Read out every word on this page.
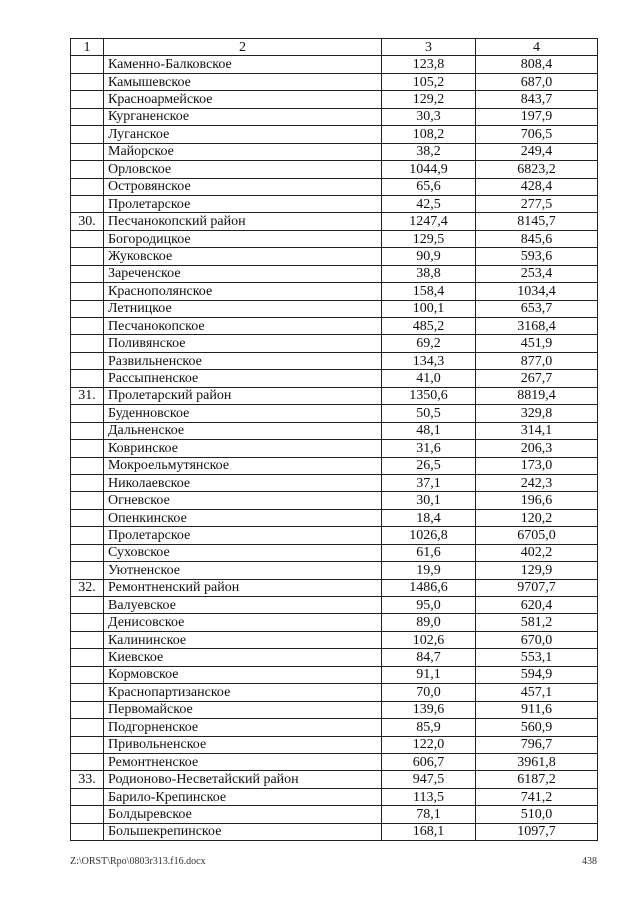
1	2	3	4
	Каменно-Балковское	123,8	808,4
	Камышевское	105,2	687,0
	Красноармейское	129,2	843,7
	Курганенское	30,3	197,9
	Луганское	108,2	706,5
	Майорское	38,2	249,4
	Орловское	1044,9	6823,2
	Островянское	65,6	428,4
	Пролетарское	42,5	277,5
30.	Песчанокопский район	1247,4	8145,7
	Богородицкое	129,5	845,6
	Жуковское	90,9	593,6
	Зареченское	38,8	253,4
	Краснополянское	158,4	1034,4
	Летницкое	100,1	653,7
	Песчанокопское	485,2	3168,4
	Поливянское	69,2	451,9
	Развильненское	134,3	877,0
	Рассыпненское	41,0	267,7
31.	Пролетарский район	1350,6	8819,4
	Буденновское	50,5	329,8
	Дальненское	48,1	314,1
	Ковринское	31,6	206,3
	Мокроельмутянское	26,5	173,0
	Николаевское	37,1	242,3
	Огневское	30,1	196,6
	Опенкинское	18,4	120,2
	Пролетарское	1026,8	6705,0
	Суховское	61,6	402,2
	Уютненское	19,9	129,9
32.	Ремонтненский район	1486,6	9707,7
	Валуевское	95,0	620,4
	Денисовское	89,0	581,2
	Калининское	102,6	670,0
	Киевское	84,7	553,1
	Кормовское	91,1	594,9
	Краснопартизанское	70,0	457,1
	Первомайское	139,6	911,6
	Подгорненское	85,9	560,9
	Привольненское	122,0	796,7
	Ремонтненское	606,7	3961,8
33.	Родионово-Несветайский район	947,5	6187,2
	Барило-Крепинское	113,5	741,2
	Болдыревское	78,1	510,0
	Большекрепинское	168,1	1097,7
Z:\ORST\Rpo\0803r313.f16.docx	438
